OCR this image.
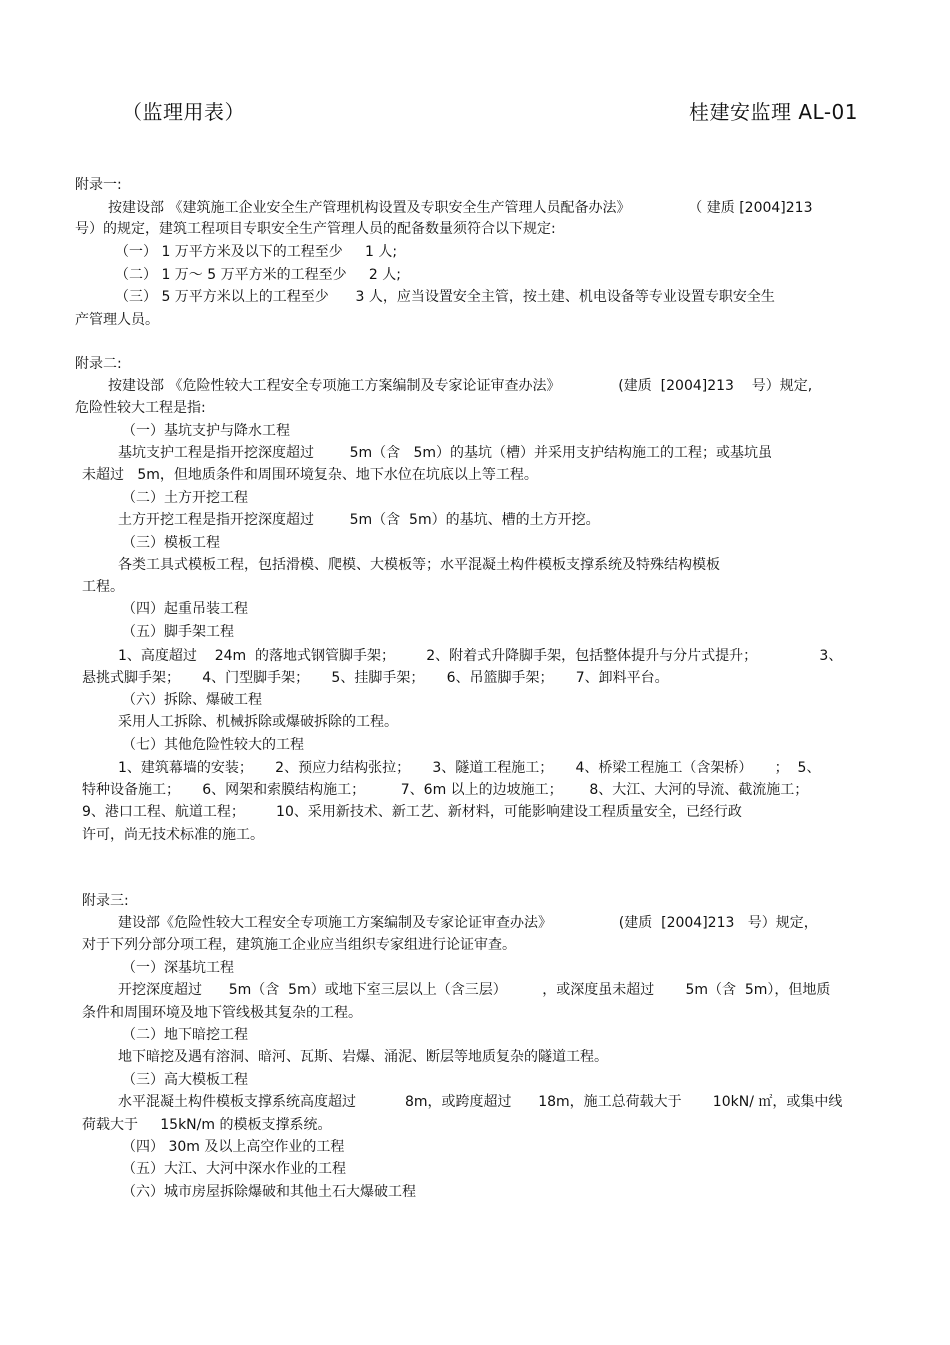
（监理用表）	桂建安监理 AL-01
附录一:
按建设部 《建筑施工企业安全生产管理机构设置及专职安全生产管理人员配备办法》             （ 建质 [2004]213
号）的规定，建筑工程项目专职安全生产管理人员的配备数量须符合以下规定:
（一） 1 万平方米及以下的工程至少     1 人;
（二） 1 万～ 5 万平方米的工程至少     2 人;
（三） 5 万平方米以上的工程至少      3 人，应当设置安全主管，按土建、机电设备等专业设置专职安全生
产管理人员。
附录二:
按建设部 《危险性较大工程安全专项施工方案编制及专家论证审查办法》             (建质  [2004]213    号）规定,
危险性较大工程是指:
（一）基坑支护与降水工程
基坑支护工程是指开挖深度超过        5m（含   5m）的基坑（槽）并采用支护结构施工的工程；或基坑虽
未超过   5m，但地质条件和周围环境复杂、地下水位在坑底以上等工程。
（二）土方开挖工程
土方开挖工程是指开挖深度超过        5m（含  5m）的基坑、槽的土方开挖。
（三）模板工程
各类工具式模板工程，包括滑模、爬模、大模板等；水平混凝土构件模板支撑系统及特殊结构模板
工程。
（四）起重吊装工程
（五）脚手架工程
1、高度超过    24m  的落地式钢管脚手架；       2、附着式升降脚手架，包括整体提升与分片式提升；              3、
悬挑式脚手架；     4、门型脚手架；     5、挂脚手架；     6、吊篮脚手架；     7、卸料平台。
（六）拆除、爆破工程
采用人工拆除、机械拆除或爆破拆除的工程。
（七）其他危险性较大的工程
1、建筑幕墙的安装；     2、预应力结构张拉；     3、隧道工程施工；     4、桥梁工程施工（含架桥）     ；  5、
特种设备施工；     6、网架和索膜结构施工；        7、6m 以上的边坡施工；      8、大江、大河的导流、截流施工；
9、港口工程、航道工程；       10、采用新技术、新工艺、新材料，可能影响建设工程质量安全，已经行政
许可，尚无技术标准的施工。
附录三:
建设部《危险性较大工程安全专项施工方案编制及专家论证审查办法》               (建质  [2004]213   号）规定，
对于下列分部分项工程，建筑施工企业应当组织专家组进行论证审查。
（一）深基坑工程
开挖深度超过      5m（含  5m）或地下室三层以上（含三层）        ，或深度虽未超过       5m（含  5m），但地质
条件和周围环境及地下管线极其复杂的工程。
（二）地下暗挖工程
地下暗挖及遇有溶洞、暗河、瓦斯、岩爆、涌泥、断层等地质复杂的隧道工程。
（三）高大模板工程
水平混凝土构件模板支撑系统高度超过           8m，或跨度超过      18m，施工总荷载大于       10kN/ ㎡，或集中线
荷载大于     15kN/m 的模板支撑系统。
（四） 30m 及以上高空作业的工程
（五）大江、大河中深水作业的工程
（六）城市房屋拆除爆破和其他土石大爆破工程
